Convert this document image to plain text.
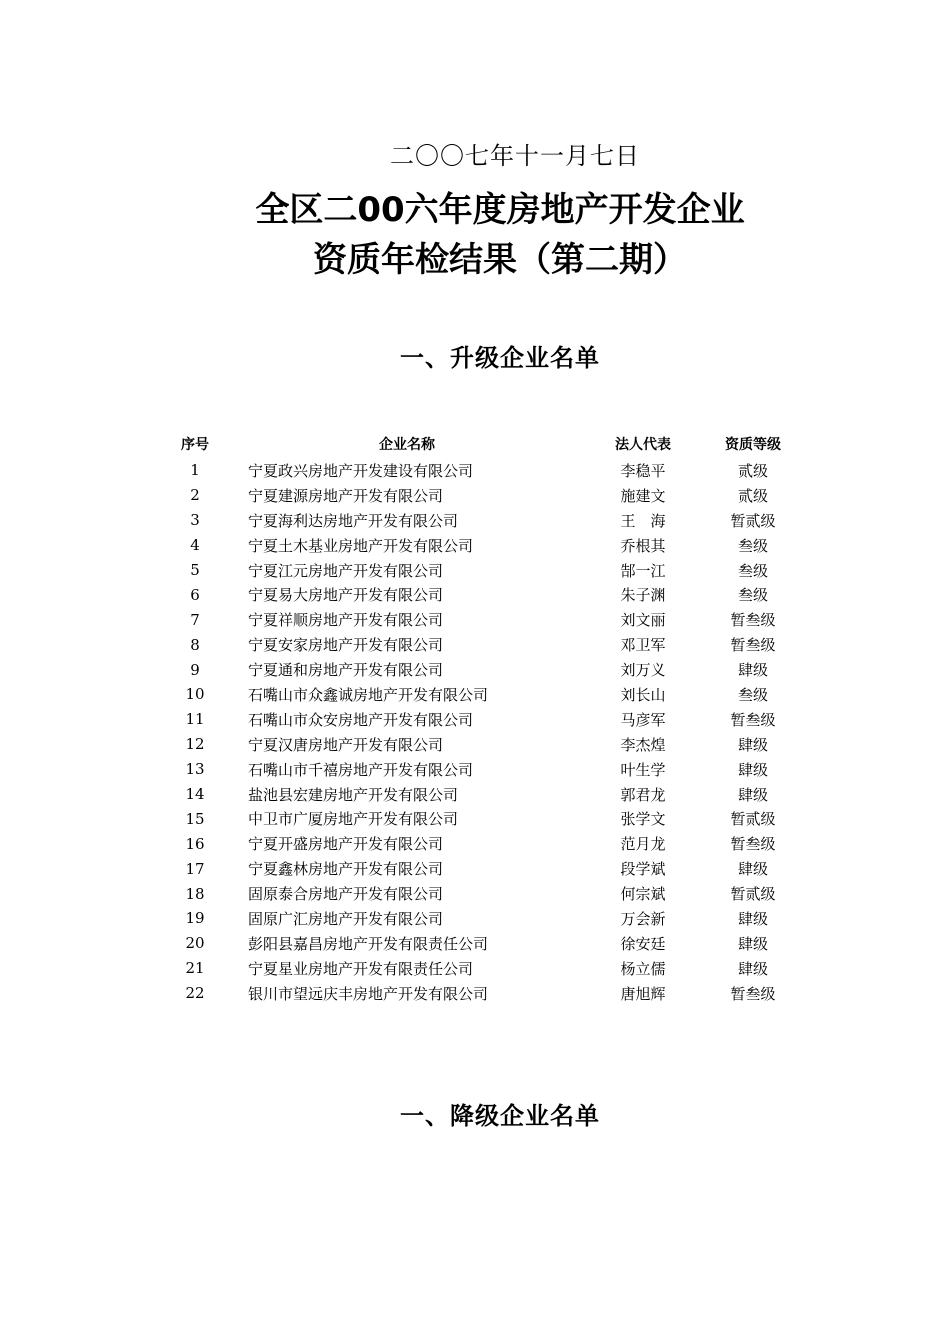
二〇〇七年十一月七日
全区二00六年度房地产开发企业
资质年检结果（第二期）
一、升级企业名单
序号	企业名称	法人代表	资质等级
1	宁夏政兴房地产开发建设有限公司	李稳平	贰级
2	宁夏建源房地产开发有限公司	施建文	贰级
3	宁夏海利达房地产开发有限公司	王　海	暂贰级
4	宁夏土木基业房地产开发有限公司	乔根其	叁级
5	宁夏江元房地产开发有限公司	郜一江	叁级
6	宁夏易大房地产开发有限公司	朱子渊	叁级
7	宁夏祥顺房地产开发有限公司	刘文丽	暂叁级
8	宁夏安家房地产开发有限公司	邓卫军	暂叁级
9	宁夏通和房地产开发有限公司	刘万义	肆级
10	石嘴山市众鑫诚房地产开发有限公司	刘长山	叁级
11	石嘴山市众安房地产开发有限公司	马彦军	暂叁级
12	宁夏汉唐房地产开发有限公司	李杰煌	肆级
13	石嘴山市千禧房地产开发有限公司	叶生学	肆级
14	盐池县宏建房地产开发有限公司	郭君龙	肆级
15	中卫市广厦房地产开发有限公司	张学文	暂贰级
16	宁夏开盛房地产开发有限公司	范月龙	暂叁级
17	宁夏鑫林房地产开发有限公司	段学斌	肆级
18	固原泰合房地产开发有限公司	何宗斌	暂贰级
19	固原广汇房地产开发有限公司	万会新	肆级
20	彭阳县嘉昌房地产开发有限责任公司	徐安廷	肆级
21	宁夏星业房地产开发有限责任公司	杨立儒	肆级
22	银川市望远庆丰房地产开发有限公司	唐旭辉	暂叁级
一、降级企业名单
